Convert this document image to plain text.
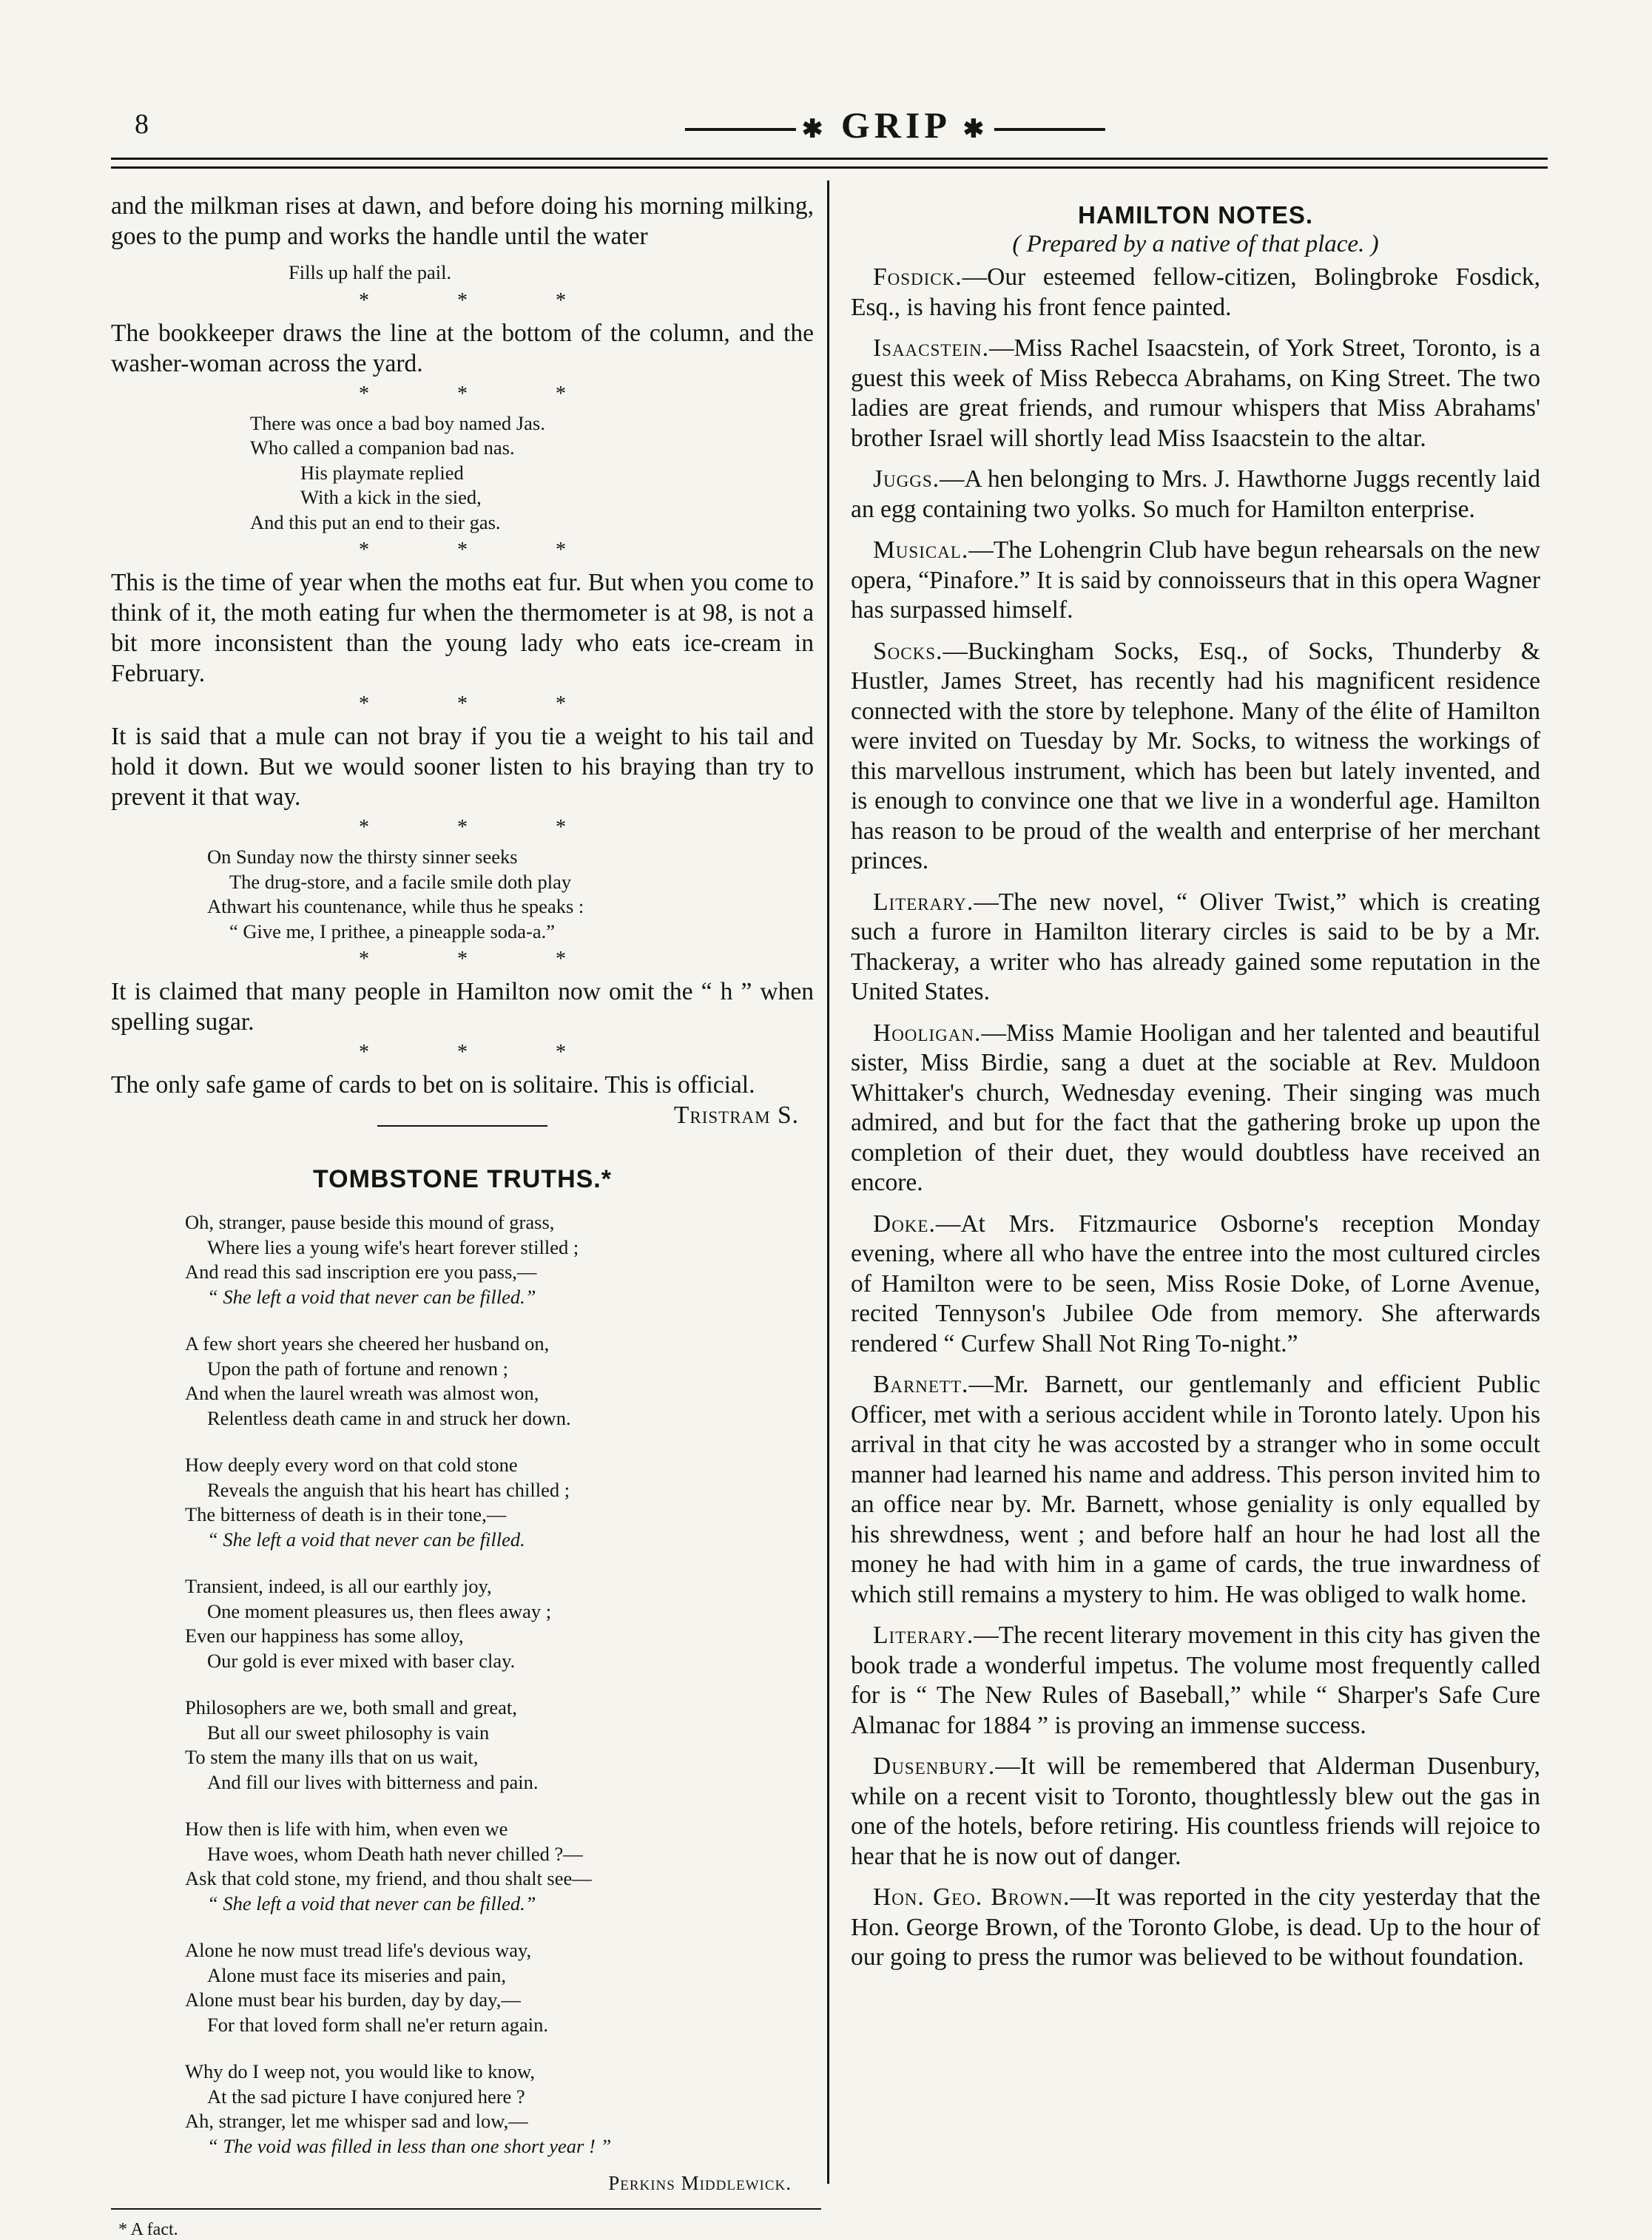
8	✱ GRIP ✱

and the milkman rises at dawn, and before doing his morning milking, goes to the pump and works the handle until the water

Fills up half the pail.

* * *

The bookkeeper draws the line at the bottom of the column, and the washer-woman across the yard.

* * *

There was once a bad boy named Jas.

Who called a companion bad nas.

His playmate replied

With a kick in the sied,

And this put an end to their gas.

* * *

This is the time of year when the moths eat fur. But when you come to think of it, the moth eating fur when the thermometer is at 98, is not a bit more inconsistent than the young lady who eats ice-cream in February.

* * *

It is said that a mule can not bray if you tie a weight to his tail and hold it down. But we would sooner listen to his braying than try to prevent it that way.

* * *

On Sunday now the thirsty sinner seeks

The drug-store, and a facile smile doth play

Athwart his countenance, while thus he speaks :

“ Give me, I prithee, a pineapple soda-a.”

* * *

It is claimed that many people in Hamilton now omit the “ h ” when spelling sugar.

* * *

The only safe game of cards to bet on is solitaire. This is official.
Tristram S.

TOMBSTONE TRUTHS.*

Oh, stranger, pause beside this mound of grass,

Where lies a young wife's heart forever stilled ;

And read this sad inscription ere you pass,—

“ She left a void that never can be filled.”

A few short years she cheered her husband on,

Upon the path of fortune and renown ;

And when the laurel wreath was almost won,

Relentless death came in and struck her down.

How deeply every word on that cold stone

Reveals the anguish that his heart has chilled ;

The bitterness of death is in their tone,—

“ She left a void that never can be filled.

Transient, indeed, is all our earthly joy,

One moment pleasures us, then flees away ;

Even our happiness has some alloy,

Our gold is ever mixed with baser clay.

Philosophers are we, both small and great,

But all our sweet philosophy is vain

To stem the many ills that on us wait,

And fill our lives with bitterness and pain.

How then is life with him, when even we

Have woes, whom Death hath never chilled ?—

Ask that cold stone, my friend, and thou shalt see—

“ She left a void that never can be filled.”

Alone he now must tread life's devious way,

Alone must face its miseries and pain,

Alone must bear his burden, day by day,—

For that loved form shall ne'er return again.

Why do I weep not, you would like to know,

At the sad picture I have conjured here ?

Ah, stranger, let me whisper sad and low,—

“ The void was filled in less than one short year ! ”

Perkins Middlewick.
* A fact.
HAMILTON NOTES.
( Prepared by a native of that place. )

Fosdick.—Our esteemed fellow-citizen, Bolingbroke Fosdick, Esq., is having his front fence painted.

Isaacstein.—Miss Rachel Isaacstein, of York Street, Toronto, is a guest this week of Miss Rebecca Abrahams, on King Street. The two ladies are great friends, and rumour whispers that Miss Abrahams' brother Israel will shortly lead Miss Isaacstein to the altar.

Juggs.—A hen belonging to Mrs. J. Hawthorne Juggs recently laid an egg containing two yolks. So much for Hamilton enterprise.

Musical.—The Lohengrin Club have begun rehearsals on the new opera, “Pinafore.” It is said by connoisseurs that in this opera Wagner has surpassed himself.

Socks.—Buckingham Socks, Esq., of Socks, Thunderby & Hustler, James Street, has recently had his magnificent residence connected with the store by telephone. Many of the élite of Hamilton were invited on Tuesday by Mr. Socks, to witness the workings of this marvellous instrument, which has been but lately invented, and is enough to convince one that we live in a wonderful age. Hamilton has reason to be proud of the wealth and enterprise of her merchant princes.

Literary.—The new novel, “ Oliver Twist,” which is creating such a furore in Hamilton literary circles is said to be by a Mr. Thackeray, a writer who has already gained some reputation in the United States.

Hooligan.—Miss Mamie Hooligan and her talented and beautiful sister, Miss Birdie, sang a duet at the sociable at Rev. Muldoon Whittaker's church, Wednesday evening. Their singing was much admired, and but for the fact that the gathering broke up upon the completion of their duet, they would doubtless have received an encore.

Doke.—At Mrs. Fitzmaurice Osborne's reception Monday evening, where all who have the entree into the most cultured circles of Hamilton were to be seen, Miss Rosie Doke, of Lorne Avenue, recited Tennyson's Jubilee Ode from memory. She afterwards rendered “ Curfew Shall Not Ring To-night.”

Barnett.—Mr. Barnett, our gentlemanly and efficient Public Officer, met with a serious accident while in Toronto lately. Upon his arrival in that city he was accosted by a stranger who in some occult manner had learned his name and address. This person invited him to an office near by. Mr. Barnett, whose geniality is only equalled by his shrewdness, went ; and before half an hour he had lost all the money he had with him in a game of cards, the true inwardness of which still remains a mystery to him. He was obliged to walk home.

Literary.—The recent literary movement in this city has given the book trade a wonderful impetus. The volume most frequently called for is “ The New Rules of Baseball,” while “ Sharper's Safe Cure Almanac for 1884 ” is proving an immense success.

Dusenbury.—It will be remembered that Alderman Dusenbury, while on a recent visit to Toronto, thoughtlessly blew out the gas in one of the hotels, before retiring. His countless friends will rejoice to hear that he is now out of danger.

Hon. Geo. Brown.—It was reported in the city yesterday that the Hon. George Brown, of the Toronto Globe, is dead. Up to the hour of our going to press the rumor was believed to be without foundation.
